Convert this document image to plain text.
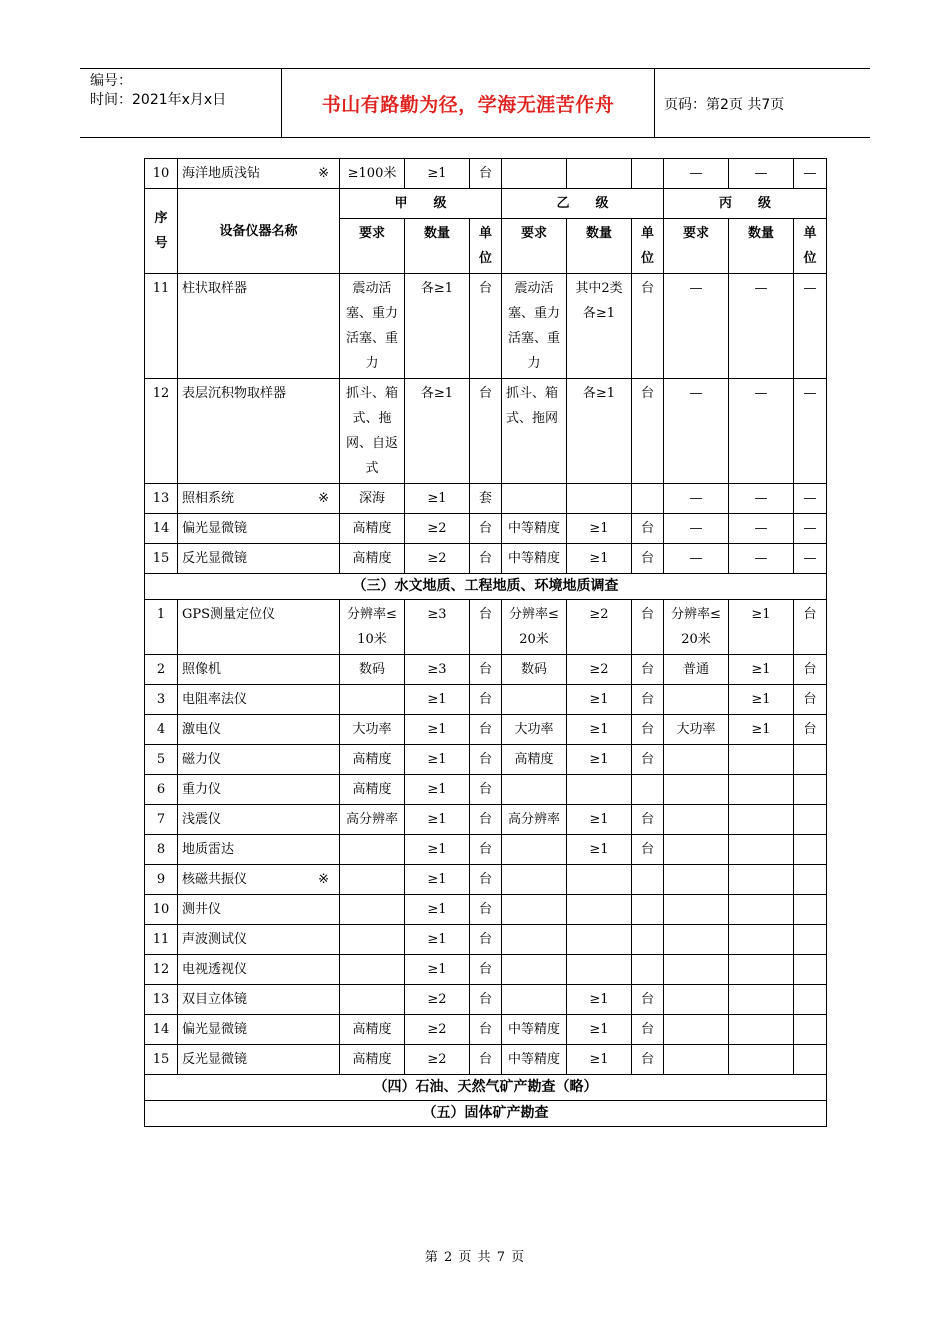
编号：
时间：2021年x月x日	书山有路勤为径，学海无涯苦作舟	页码：第2页 共7页
10	海洋地质浅钻 ※	≥100米	≥1	台				—	—	—
序号	设备仪器名称	甲　　级			乙　　级			丙　　级		
		要求	数量	单位	要求	数量	单位	要求	数量	单位
11	柱状取样器	震动活塞、重力活塞、重力	各≥1	台	震动活塞、重力活塞、重力	其中2类各≥1	台	—	—	—
12	表层沉积物取样器	抓斗、箱式、拖网、自返式	各≥1	台	抓斗、箱式、拖网	各≥1	台	—	—	—
13	照相系统 ※	深海	≥1	套				—	—	—
14	偏光显微镜	高精度	≥2	台	中等精度	≥1	台	—	—	—
15	反光显微镜	高精度	≥2	台	中等精度	≥1	台	—	—	—
（三）水文地质、工程地质、环境地质调查										
1	GPS测量定位仪	分辨率≤10米	≥3	台	分辨率≤20米	≥2	台	分辨率≤20米	≥1	台
2	照像机	数码	≥3	台	数码	≥2	台	普通	≥1	台
3	电阻率法仪		≥1	台		≥1	台		≥1	台
4	激电仪	大功率	≥1	台	大功率	≥1	台	大功率	≥1	台
5	磁力仪	高精度	≥1	台	高精度	≥1	台			
6	重力仪	高精度	≥1	台						
7	浅震仪	高分辨率	≥1	台	高分辨率	≥1	台			
8	地质雷达		≥1	台		≥1	台			
9	核磁共振仪 ※		≥1	台						
10	测井仪		≥1	台						
11	声波测试仪		≥1	台						
12	电视透视仪		≥1	台						
13	双目立体镜		≥2	台		≥1	台			
14	偏光显微镜	高精度	≥2	台	中等精度	≥1	台			
15	反光显微镜	高精度	≥2	台	中等精度	≥1	台			
（四）石油、天然气矿产勘查（略）										
（五）固体矿产勘查										
第 2 页 共 7 页
